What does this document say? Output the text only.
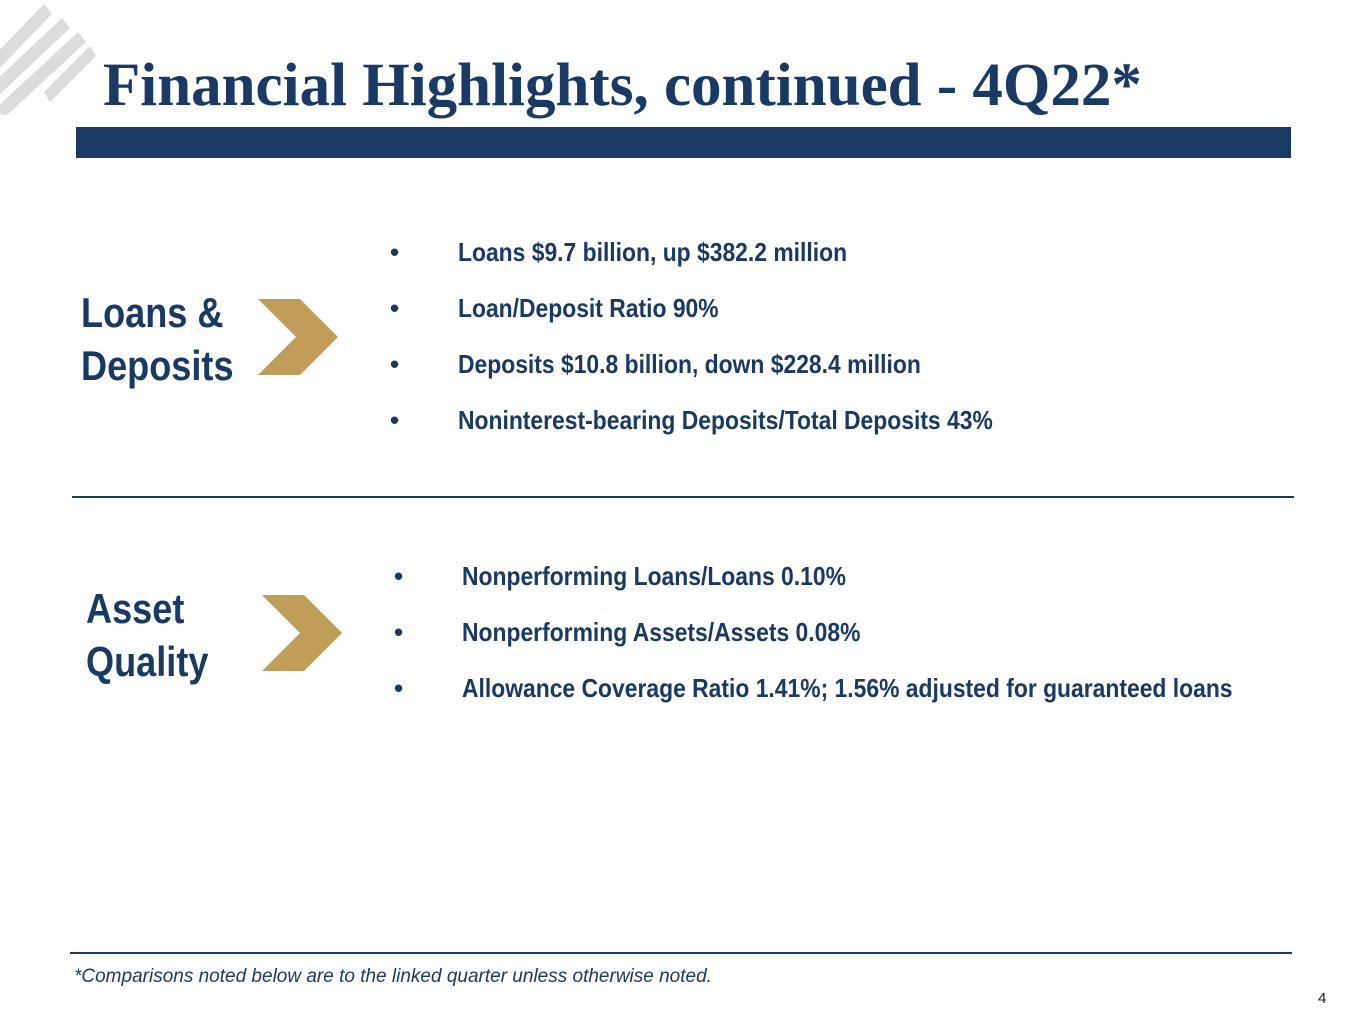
Financial Highlights, continued - 4Q22*
Loans &
Deposits
• Loans $9.7 billion, up $382.2 million
• Loan/Deposit Ratio 90%
• Deposits $10.8 billion, down $228.4 million
• Noninterest-bearing Deposits/Total Deposits 43%
Asset
Quality
• Nonperforming Loans/Loans 0.10%
• Nonperforming Assets/Assets 0.08%
• Allowance Coverage Ratio 1.41%; 1.56% adjusted for guaranteed loans

*Comparisons noted below are to the linked quarter unless otherwise noted.

4
